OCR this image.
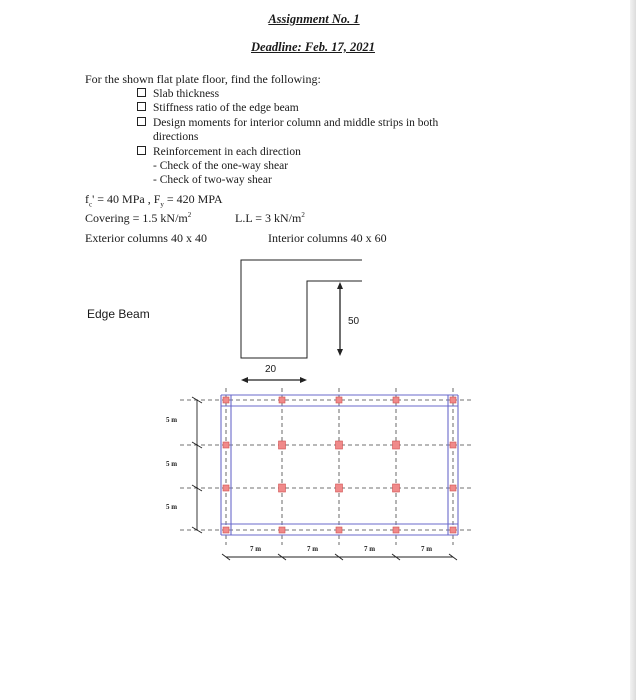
Assignment No. 1
Deadline: Feb. 17, 2021
For the shown flat plate floor, find the following:
Slab thickness
Stiffness ratio of the edge beam
Design moments for interior column and middle strips in both
directions
Reinforcement in each direction
- Check of the one-way shear
- Check of two-way shear
$f_c' = 40$ MPa , $F_y = 420$ MPA
Covering = 1.5 $kN/m^2$	L.L = 3 $kN/m^2$
Exterior columns 40 x 40	Interior columns 40 x 60
Edge Beam
50
20
5 m
5 m
5 m
7 m	7 m	7 m	7 m
